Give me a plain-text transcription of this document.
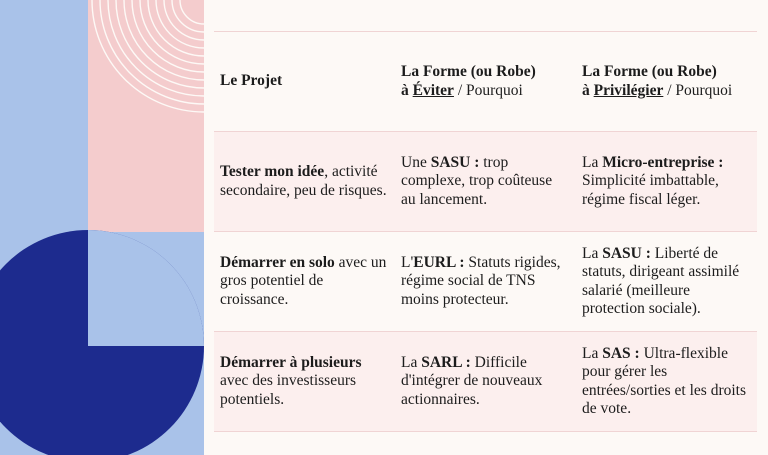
Le Projet
La Forme (ou Robe)
à Éviter / Pourquoi
La Forme (ou Robe)
à Privilégier / Pourquoi
Tester mon idée, activité secondaire, peu de risques.
Une SASU : trop complexe, trop coûteuse au lancement.
La Micro-entreprise : Simplicité imbattable, régime fiscal léger.
Démarrer en solo avec un gros potentiel de croissance.
L'EURL : Statuts rigides, régime social de TNS moins protecteur.
La SASU : Liberté de statuts, dirigeant assimilé salarié (meilleure protection sociale).
Démarrer à plusieurs avec des investisseurs potentiels.
La SARL : Difficile d'intégrer de nouveaux actionnaires.
La SAS : Ultra-flexible pour gérer les entrées/sorties et les droits de vote.
